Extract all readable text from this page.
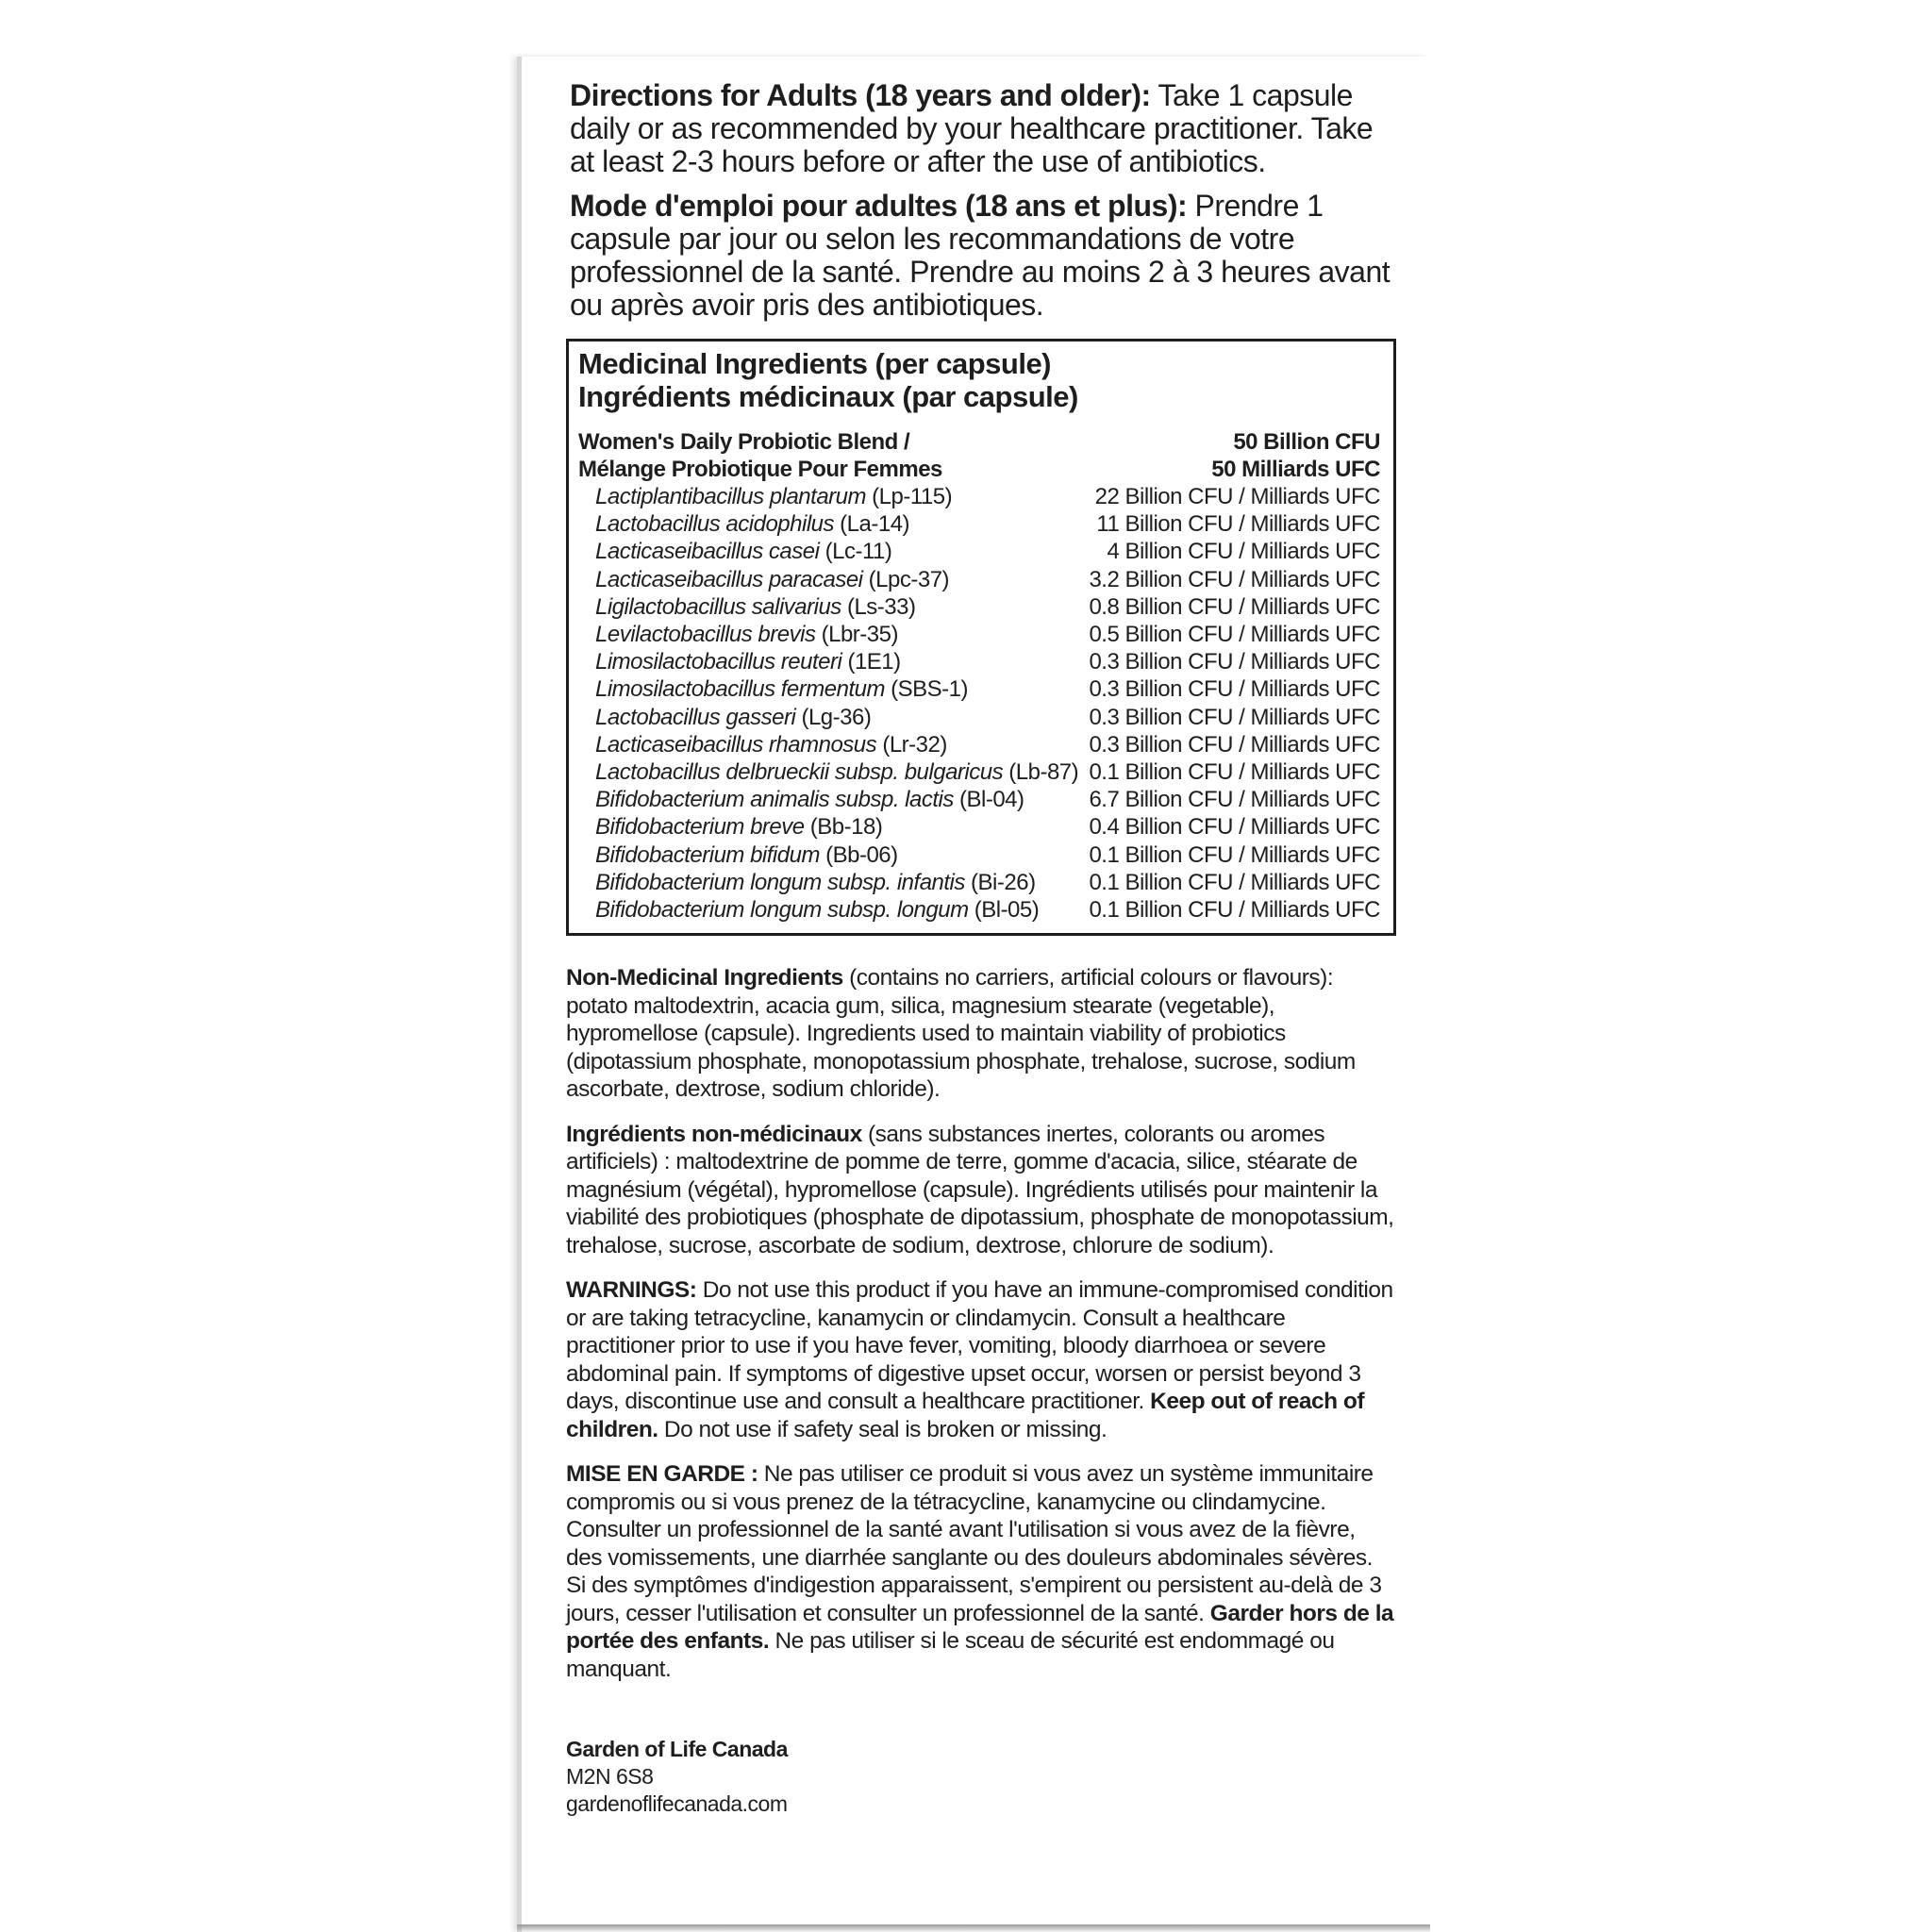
Directions for Adults (18 years and older): Take 1 capsule daily or as recommended by your healthcare practitioner. Take at least 2-3 hours before or after the use of antibiotics.

Mode d'emploi pour adultes (18 ans et plus): Prendre 1 capsule par jour ou selon les recommandations de votre professionnel de la santé. Prendre au moins 2 à 3 heures avant ou après avoir pris des antibiotiques.

Medicinal Ingredients (per capsule)
Ingrédients médicinaux (par capsule)
Women's Daily Probiotic Blend /	50 Billion CFU
Mélange Probiotique Pour Femmes	50 Milliards UFC
Lactiplantibacillus plantarum (Lp-115)	22 Billion CFU / Milliards UFC
Lactobacillus acidophilus (La-14)	11 Billion CFU / Milliards UFC
Lacticaseibacillus casei (Lc-11)	4 Billion CFU / Milliards UFC
Lacticaseibacillus paracasei (Lpc-37)	3.2 Billion CFU / Milliards UFC
Ligilactobacillus salivarius (Ls-33)	0.8 Billion CFU / Milliards UFC
Levilactobacillus brevis (Lbr-35)	0.5 Billion CFU / Milliards UFC
Limosilactobacillus reuteri (1E1)	0.3 Billion CFU / Milliards UFC
Limosilactobacillus fermentum (SBS-1)	0.3 Billion CFU / Milliards UFC
Lactobacillus gasseri (Lg-36)	0.3 Billion CFU / Milliards UFC
Lacticaseibacillus rhamnosus (Lr-32)	0.3 Billion CFU / Milliards UFC
Lactobacillus delbrueckii subsp. bulgaricus (Lb-87) 0.1 Billion CFU / Milliards UFC
Bifidobacterium animalis subsp. lactis (Bl-04)	6.7 Billion CFU / Milliards UFC
Bifidobacterium breve (Bb-18)	0.4 Billion CFU / Milliards UFC
Bifidobacterium bifidum (Bb-06)	0.1 Billion CFU / Milliards UFC
Bifidobacterium longum subsp. infantis (Bi-26)	0.1 Billion CFU / Milliards UFC
Bifidobacterium longum subsp. longum (Bl-05)	0.1 Billion CFU / Milliards UFC

Non-Medicinal Ingredients (contains no carriers, artificial colours or flavours): potato maltodextrin, acacia gum, silica, magnesium stearate (vegetable), hypromellose (capsule). Ingredients used to maintain viability of probiotics (dipotassium phosphate, monopotassium phosphate, trehalose, sucrose, sodium ascorbate, dextrose, sodium chloride).

Ingrédients non-médicinaux (sans substances inertes, colorants ou aromes artificiels) : maltodextrine de pomme de terre, gomme d'acacia, silice, stéarate de magnésium (végétal), hypromellose (capsule). Ingrédients utilisés pour maintenir la viabilité des probiotiques (phosphate de dipotassium, phosphate de monopotassium, trehalose, sucrose, ascorbate de sodium, dextrose, chlorure de sodium).

WARNINGS: Do not use this product if you have an immune-compromised condition or are taking tetracycline, kanamycin or clindamycin. Consult a healthcare practitioner prior to use if you have fever, vomiting, bloody diarrhoea or severe abdominal pain. If symptoms of digestive upset occur, worsen or persist beyond 3 days, discontinue use and consult a healthcare practitioner. Keep out of reach of children. Do not use if safety seal is broken or missing.

MISE EN GARDE : Ne pas utiliser ce produit si vous avez un système immunitaire compromis ou si vous prenez de la tétracycline, kanamycine ou clindamycine. Consulter un professionnel de la santé avant l'utilisation si vous avez de la fièvre, des vomissements, une diarrhée sanglante ou des douleurs abdominales sévères. Si des symptômes d'indigestion apparaissent, s'empirent ou persistent au-delà de 3 jours, cesser l'utilisation et consulter un professionnel de la santé. Garder hors de la portée des enfants. Ne pas utiliser si le sceau de sécurité est endommagé ou manquant.

Garden of Life Canada
M2N 6S8
gardenoflifecanada.com
